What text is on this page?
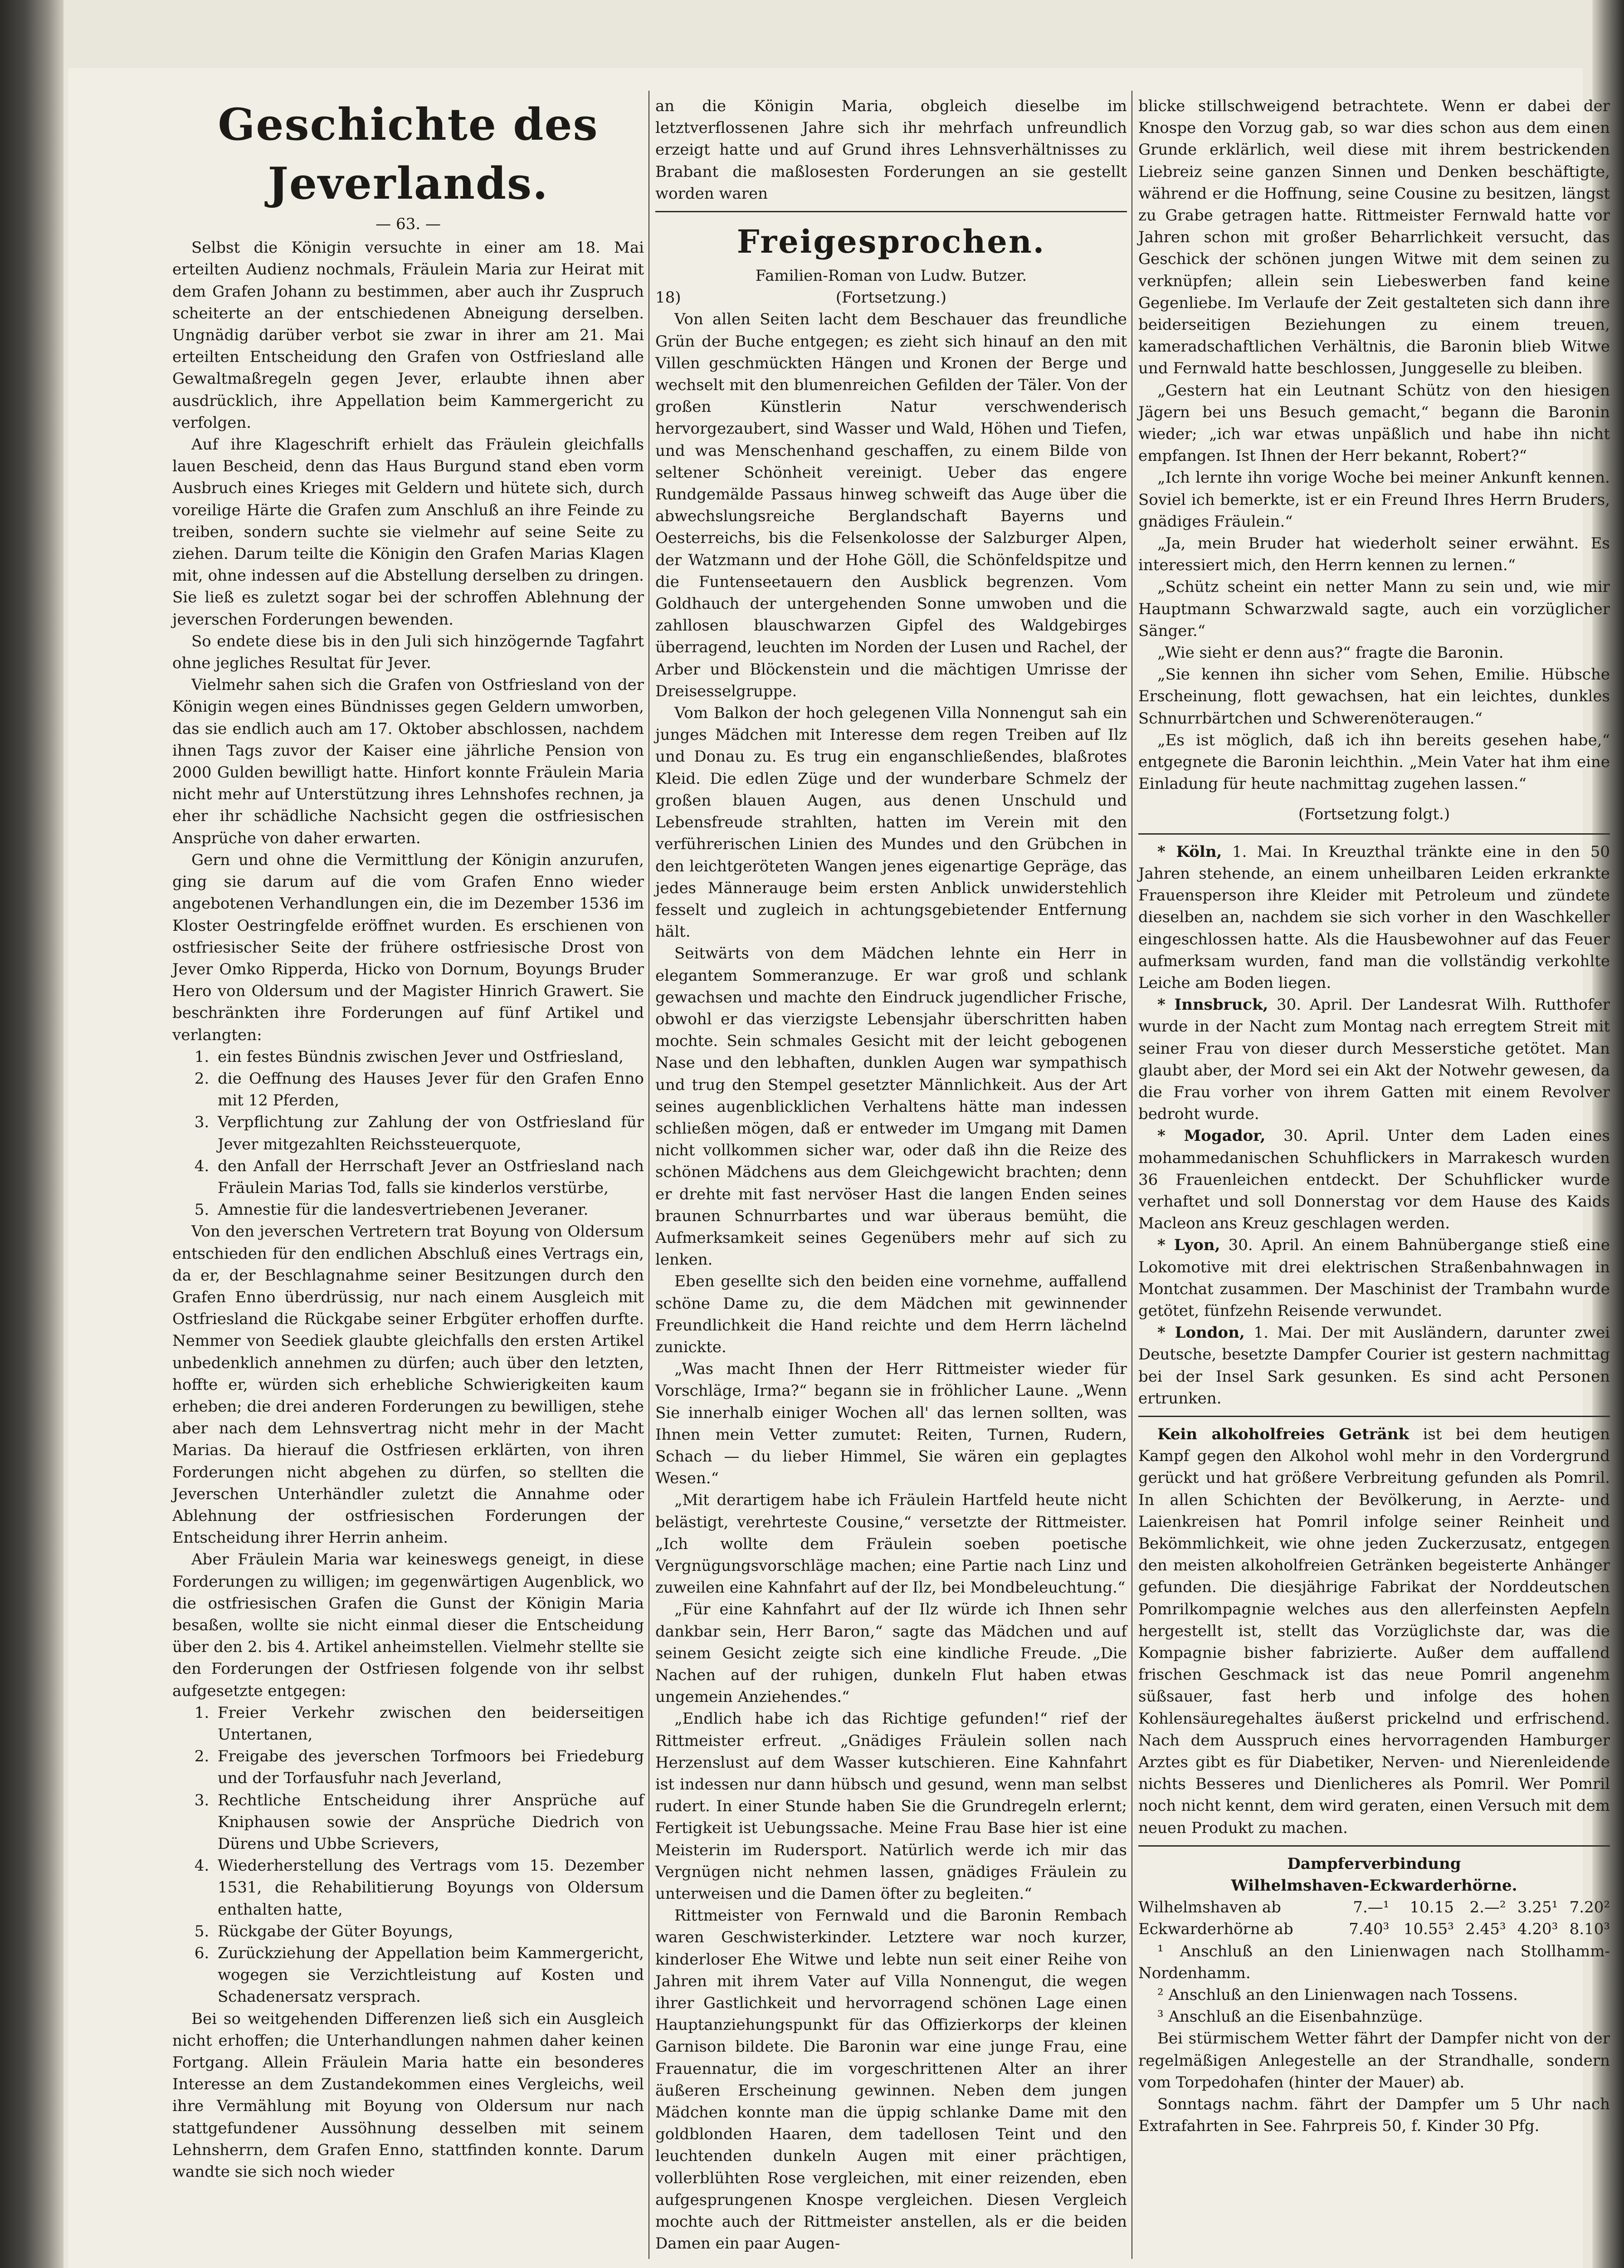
Geschichte des Jeverlands.
— 63. —

Selbst die Königin versuchte in einer am 18. Mai erteilten Audienz nochmals, Fräulein Maria zur Heirat mit dem Grafen Johann zu bestimmen, aber auch ihr Zuspruch scheiterte an der entschiedenen Abneigung derselben. Ungnädig darüber verbot sie zwar in ihrer am 21. Mai erteilten Entscheidung den Grafen von Ostfriesland alle Gewaltmaßregeln gegen Jever, erlaubte ihnen aber ausdrücklich, ihre Appellation beim Kammergericht zu verfolgen.

Auf ihre Klageschrift erhielt das Fräulein gleichfalls lauen Bescheid, denn das Haus Burgund stand eben vorm Ausbruch eines Krieges mit Geldern und hütete sich, durch voreilige Härte die Grafen zum Anschluß an ihre Feinde zu treiben, sondern suchte sie vielmehr auf seine Seite zu ziehen. Darum teilte die Königin den Grafen Marias Klagen mit, ohne indessen auf die Abstellung derselben zu dringen. Sie ließ es zuletzt sogar bei der schroffen Ablehnung der jeverschen Forderungen bewenden.

So endete diese bis in den Juli sich hinzögernde Tagfahrt ohne jegliches Resultat für Jever.

Vielmehr sahen sich die Grafen von Ostfriesland von der Königin wegen eines Bündnisses gegen Geldern umworben, das sie endlich auch am 17. Oktober abschlossen, nachdem ihnen Tags zuvor der Kaiser eine jährliche Pension von 2000 Gulden bewilligt hatte. Hinfort konnte Fräulein Maria nicht mehr auf Unterstützung ihres Lehnshofes rechnen, ja eher ihr schädliche Nachsicht gegen die ostfriesischen Ansprüche von daher erwarten.

Gern und ohne die Vermittlung der Königin anzurufen, ging sie darum auf die vom Grafen Enno wieder angebotenen Verhandlungen ein, die im Dezember 1536 im Kloster Oestringfelde eröffnet wurden. Es erschienen von ostfriesischer Seite der frühere ostfriesische Drost von Jever Omko Ripperda, Hicko von Dornum, Boyungs Bruder Hero von Oldersum und der Magister Hinrich Grawert. Sie beschränkten ihre Forderungen auf fünf Artikel und verlangten:

1. ein festes Bündnis zwischen Jever und Ostfriesland,
2. die Oeffnung des Hauses Jever für den Grafen Enno mit 12 Pferden,
3. Verpflichtung zur Zahlung der von Ostfriesland für Jever mitgezahlten Reichssteuerquote,
4. den Anfall der Herrschaft Jever an Ostfriesland nach Fräulein Marias Tod, falls sie kinderlos verstürbe,
5. Amnestie für die landesvertriebenen Jeveraner.

Von den jeverschen Vertretern trat Boyung von Oldersum entschieden für den endlichen Abschluß eines Vertrags ein, da er, der Beschlagnahme seiner Besitzungen durch den Grafen Enno überdrüssig, nur nach einem Ausgleich mit Ostfriesland die Rückgabe seiner Erbgüter erhoffen durfte. Nemmer von Seediek glaubte gleichfalls den ersten Artikel unbedenklich annehmen zu dürfen; auch über den letzten, hoffte er, würden sich erhebliche Schwierigkeiten kaum erheben; die drei anderen Forderungen zu bewilligen, stehe aber nach dem Lehnsvertrag nicht mehr in der Macht Marias. Da hierauf die Ostfriesen erklärten, von ihren Forderungen nicht abgehen zu dürfen, so stellten die Jeverschen Unterhändler zuletzt die Annahme oder Ablehnung der ostfriesischen Forderungen der Entscheidung ihrer Herrin anheim.

Aber Fräulein Maria war keineswegs geneigt, in diese Forderungen zu willigen; im gegenwärtigen Augenblick, wo die ostfriesischen Grafen die Gunst der Königin Maria besaßen, wollte sie nicht einmal dieser die Entscheidung über den 2. bis 4. Artikel anheimstellen. Vielmehr stellte sie den Forderungen der Ostfriesen folgende von ihr selbst aufgesetzte entgegen:

1. Freier Verkehr zwischen den beiderseitigen Untertanen,
2. Freigabe des jeverschen Torfmoors bei Friedeburg und der Torfausfuhr nach Jeverland,
3. Rechtliche Entscheidung ihrer Ansprüche auf Kniphausen sowie der Ansprüche Diedrich von Dürens und Ubbe Scrievers,
4. Wiederherstellung des Vertrags vom 15. Dezember 1531, die Rehabilitierung Boyungs von Oldersum enthalten hatte,
5. Rückgabe der Güter Boyungs,
6. Zurückziehung der Appellation beim Kammergericht, wogegen sie Verzichtleistung auf Kosten und Schadenersatz versprach.

Bei so weitgehenden Differenzen ließ sich ein Ausgleich nicht erhoffen; die Unterhandlungen nahmen daher keinen Fortgang. Allein Fräulein Maria hatte ein besonderes Interesse an dem Zustandekommen eines Vergleichs, weil ihre Vermählung mit Boyung von Oldersum nur nach stattgefundener Aussöhnung desselben mit seinem Lehnsherrn, dem Grafen Enno, stattfinden konnte. Darum wandte sie sich noch wieder

an die Königin Maria, obgleich dieselbe im letztverflossenen Jahre sich ihr mehrfach unfreundlich erzeigt hatte und auf Grund ihres Lehnsverhältnisses zu Brabant die maßlosesten Forderungen an sie gestellt worden waren

Freigesprochen.
Familien-Roman von Ludw. Butzer.
18)	(Fortsetzung.)

Von allen Seiten lacht dem Beschauer das freundliche Grün der Buche entgegen; es zieht sich hinauf an den mit Villen geschmückten Hängen und Kronen der Berge und wechselt mit den blumenreichen Gefilden der Täler. Von der großen Künstlerin Natur verschwenderisch hervorgezaubert, sind Wasser und Wald, Höhen und Tiefen, und was Menschenhand geschaffen, zu einem Bilde von seltener Schönheit vereinigt. Ueber das engere Rundgemälde Passaus hinweg schweift das Auge über die abwechslungsreiche Berglandschaft Bayerns und Oesterreichs, bis die Felsenkolosse der Salzburger Alpen, der Watzmann und der Hohe Göll, die Schönfeldspitze und die Funtenseetauern den Ausblick begrenzen. Vom Goldhauch der untergehenden Sonne umwoben und die zahllosen blauschwarzen Gipfel des Waldgebirges überragend, leuchten im Norden der Lusen und Rachel, der Arber und Blöckenstein und die mächtigen Umrisse der Dreisesselgruppe.

Vom Balkon der hoch gelegenen Villa Nonnengut sah ein junges Mädchen mit Interesse dem regen Treiben auf Ilz und Donau zu. Es trug ein enganschließendes, blaßrotes Kleid. Die edlen Züge und der wunderbare Schmelz der großen blauen Augen, aus denen Unschuld und Lebensfreude strahlten, hatten im Verein mit den verführerischen Linien des Mundes und den Grübchen in den leichtgeröteten Wangen jenes eigenartige Gepräge, das jedes Männerauge beim ersten Anblick unwiderstehlich fesselt und zugleich in achtungsgebietender Entfernung hält.

Seitwärts von dem Mädchen lehnte ein Herr in elegantem Sommeranzuge. Er war groß und schlank gewachsen und machte den Eindruck jugendlicher Frische, obwohl er das vierzigste Lebensjahr überschritten haben mochte. Sein schmales Gesicht mit der leicht gebogenen Nase und den lebhaften, dunklen Augen war sympathisch und trug den Stempel gesetzter Männlichkeit. Aus der Art seines augenblicklichen Verhaltens hätte man indessen schließen mögen, daß er entweder im Umgang mit Damen nicht vollkommen sicher war, oder daß ihn die Reize des schönen Mädchens aus dem Gleichgewicht brachten; denn er drehte mit fast nervöser Hast die langen Enden seines braunen Schnurrbartes und war überaus bemüht, die Aufmerksamkeit seines Gegenübers mehr auf sich zu lenken.

Eben gesellte sich den beiden eine vornehme, auffallend schöne Dame zu, die dem Mädchen mit gewinnender Freundlichkeit die Hand reichte und dem Herrn lächelnd zunickte.

„Was macht Ihnen der Herr Rittmeister wieder für Vorschläge, Irma?“ begann sie in fröhlicher Laune. „Wenn Sie innerhalb einiger Wochen all' das lernen sollten, was Ihnen mein Vetter zumutet: Reiten, Turnen, Rudern, Schach — du lieber Himmel, Sie wären ein geplagtes Wesen.“

„Mit derartigem habe ich Fräulein Hartfeld heute nicht belästigt, verehrteste Cousine,“ versetzte der Rittmeister. „Ich wollte dem Fräulein soeben poetische Vergnügungsvorschläge machen; eine Partie nach Linz und zuweilen eine Kahnfahrt auf der Ilz, bei Mondbeleuchtung.“

„Für eine Kahnfahrt auf der Ilz würde ich Ihnen sehr dankbar sein, Herr Baron,“ sagte das Mädchen und auf seinem Gesicht zeigte sich eine kindliche Freude. „Die Nachen auf der ruhigen, dunkeln Flut haben etwas ungemein Anziehendes.“

„Endlich habe ich das Richtige gefunden!“ rief der Rittmeister erfreut. „Gnädiges Fräulein sollen nach Herzenslust auf dem Wasser kutschieren. Eine Kahnfahrt ist indessen nur dann hübsch und gesund, wenn man selbst rudert. In einer Stunde haben Sie die Grundregeln erlernt; Fertigkeit ist Uebungssache. Meine Frau Base hier ist eine Meisterin im Rudersport. Natürlich werde ich mir das Vergnügen nicht nehmen lassen, gnädiges Fräulein zu unterweisen und die Damen öfter zu begleiten.“

Rittmeister von Fernwald und die Baronin Rembach waren Geschwisterkinder. Letztere war noch kurzer, kinderloser Ehe Witwe und lebte nun seit einer Reihe von Jahren mit ihrem Vater auf Villa Nonnengut, die wegen ihrer Gastlichkeit und hervorragend schönen Lage einen Hauptanziehungspunkt für das Offizierkorps der kleinen Garnison bildete. Die Baronin war eine junge Frau, eine Frauennatur, die im vorgeschrittenen Alter an ihrer äußeren Erscheinung gewinnen. Neben dem jungen Mädchen konnte man die üppig schlanke Dame mit den goldblonden Haaren, dem tadellosen Teint und den leuchtenden dunkeln Augen mit einer prächtigen, vollerblühten Rose vergleichen, mit einer reizenden, eben aufgesprungenen Knospe vergleichen. Diesen Vergleich mochte auch der Rittmeister anstellen, als er die beiden Damen ein paar Augen-

blicke stillschweigend betrachtete. Wenn er dabei der Knospe den Vorzug gab, so war dies schon aus dem einen Grunde erklärlich, weil diese mit ihrem bestrickenden Liebreiz seine ganzen Sinnen und Denken beschäftigte, während er die Hoffnung, seine Cousine zu besitzen, längst zu Grabe getragen hatte. Rittmeister Fernwald hatte vor Jahren schon mit großer Beharrlichkeit versucht, das Geschick der schönen jungen Witwe mit dem seinen zu verknüpfen; allein sein Liebeswerben fand keine Gegenliebe. Im Verlaufe der Zeit gestalteten sich dann ihre beiderseitigen Beziehungen zu einem treuen, kameradschaftlichen Verhältnis, die Baronin blieb Witwe und Fernwald hatte beschlossen, Junggeselle zu bleiben.

„Gestern hat ein Leutnant Schütz von den hiesigen Jägern bei uns Besuch gemacht,“ begann die Baronin wieder; „ich war etwas unpäßlich und habe ihn nicht empfangen. Ist Ihnen der Herr bekannt, Robert?“

„Ich lernte ihn vorige Woche bei meiner Ankunft kennen. Soviel ich bemerkte, ist er ein Freund Ihres Herrn Bruders, gnädiges Fräulein.“

„Ja, mein Bruder hat wiederholt seiner erwähnt. Es interessiert mich, den Herrn kennen zu lernen.“

„Schütz scheint ein netter Mann zu sein und, wie mir Hauptmann Schwarzwald sagte, auch ein vorzüglicher Sänger.“

„Wie sieht er denn aus?“ fragte die Baronin.

„Sie kennen ihn sicher vom Sehen, Emilie. Hübsche Erscheinung, flott gewachsen, hat ein leichtes, dunkles Schnurrbärtchen und Schwerenöteraugen.“

„Es ist möglich, daß ich ihn bereits gesehen habe,“ entgegnete die Baronin leichthin. „Mein Vater hat ihm eine Einladung für heute nachmittag zugehen lassen.“

(Fortsetzung folgt.)

* Köln, 1. Mai. In Kreuzthal tränkte eine in den 50 Jahren stehende, an einem unheilbaren Leiden erkrankte Frauensperson ihre Kleider mit Petroleum und zündete dieselben an, nachdem sie sich vorher in den Waschkeller eingeschlossen hatte. Als die Hausbewohner auf das Feuer aufmerksam wurden, fand man die vollständig verkohlte Leiche am Boden liegen.

* Innsbruck, 30. April. Der Landesrat Wilh. Rutthofer wurde in der Nacht zum Montag nach erregtem Streit mit seiner Frau von dieser durch Messerstiche getötet. Man glaubt aber, der Mord sei ein Akt der Notwehr gewesen, da die Frau vorher von ihrem Gatten mit einem Revolver bedroht wurde.

* Mogador, 30. April. Unter dem Laden eines mohammedanischen Schuhflickers in Marrakesch wurden 36 Frauenleichen entdeckt. Der Schuhflicker wurde verhaftet und soll Donnerstag vor dem Hause des Kaids Macleon ans Kreuz geschlagen werden.

* Lyon, 30. April. An einem Bahnübergange stieß eine Lokomotive mit drei elektrischen Straßenbahnwagen in Montchat zusammen. Der Maschinist der Trambahn wurde getötet, fünfzehn Reisende verwundet.

* London, 1. Mai. Der mit Ausländern, darunter zwei Deutsche, besetzte Dampfer Courier ist gestern nachmittag bei der Insel Sark gesunken. Es sind acht Personen ertrunken.

Kein alkoholfreies Getränk ist bei dem heutigen Kampf gegen den Alkohol wohl mehr in den Vordergrund gerückt und hat größere Verbreitung gefunden als Pomril. In allen Schichten der Bevölkerung, in Aerzte- und Laienkreisen hat Pomril infolge seiner Reinheit und Bekömmlichkeit, wie ohne jeden Zuckerzusatz, entgegen den meisten alkoholfreien Getränken begeisterte Anhänger gefunden. Die diesjährige Fabrikat der Norddeutschen Pomrilkompagnie welches aus den allerfeinsten Aepfeln hergestellt ist, stellt das Vorzüglichste dar, was die Kompagnie bisher fabrizierte. Außer dem auffallend frischen Geschmack ist das neue Pomril angenehm süßsauer, fast herb und infolge des hohen Kohlensäuregehaltes äußerst prickelnd und erfrischend. Nach dem Ausspruch eines hervorragenden Hamburger Arztes gibt es für Diabetiker, Nerven- und Nierenleidende nichts Besseres und Dienlicheres als Pomril. Wer Pomril noch nicht kennt, dem wird geraten, einen Versuch mit dem neuen Produkt zu machen.

Dampferverbindung
Wilhelmshaven-Eckwarderhörne.
Wilhelmshaven ab	7.—¹	10.15	2.—²	3.25¹	7.20²
Eckwarderhörne ab	7.40³	10.55³	2.45³	4.20³	8.10³

¹ Anschluß an den Linienwagen nach Stollhamm-Nordenhamm.

² Anschluß an den Linienwagen nach Tossens.

³ Anschluß an die Eisenbahnzüge.

Bei stürmischem Wetter fährt der Dampfer nicht von der regelmäßigen Anlegestelle an der Strandhalle, sondern vom Torpedohafen (hinter der Mauer) ab.

Sonntags nachm. fährt der Dampfer um 5 Uhr nach Extrafahrten in See. Fahrpreis 50, f. Kinder 30 Pfg.
